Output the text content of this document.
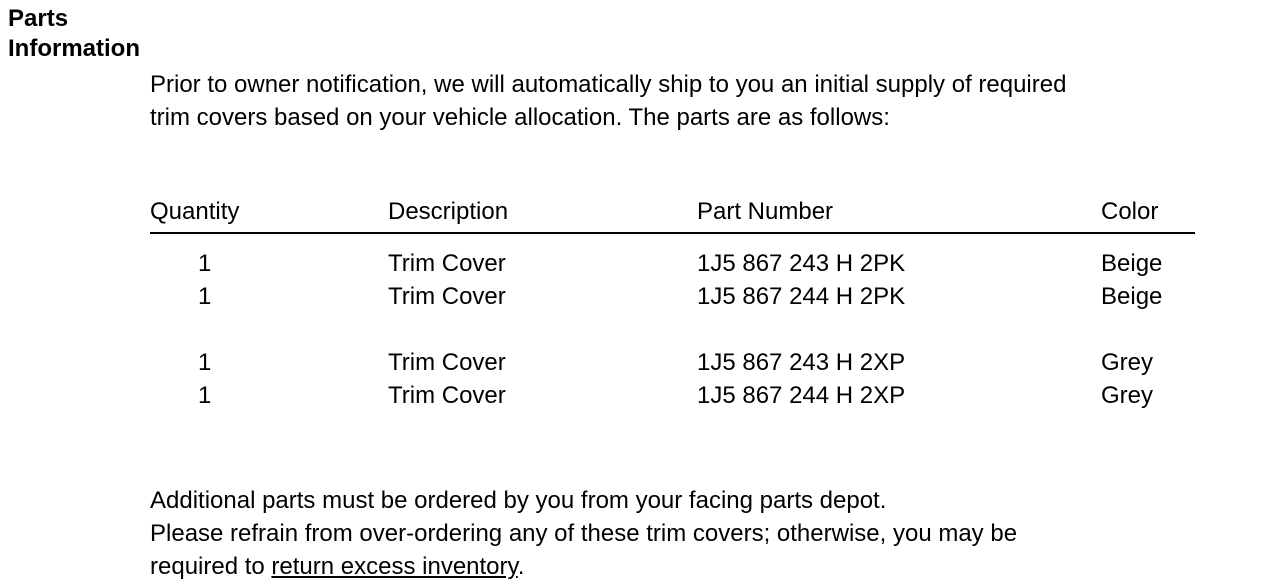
Parts
Information

Prior to owner notification, we will automatically ship to you an initial supply of required

trim covers based on your vehicle allocation. The parts are as follows:

Quantity	Description	Part Number	Color
1	Trim Cover	1J5 867 243 H 2PK	Beige
1	Trim Cover	1J5 867 244 H 2PK	Beige

1	Trim Cover	1J5 867 243 H 2XP	Grey
1	Trim Cover	1J5 867 244 H 2XP	Grey

Additional parts must be ordered by you from your facing parts depot.

Please refrain from over-ordering any of these trim covers; otherwise, you may be

required to return excess inventory.
